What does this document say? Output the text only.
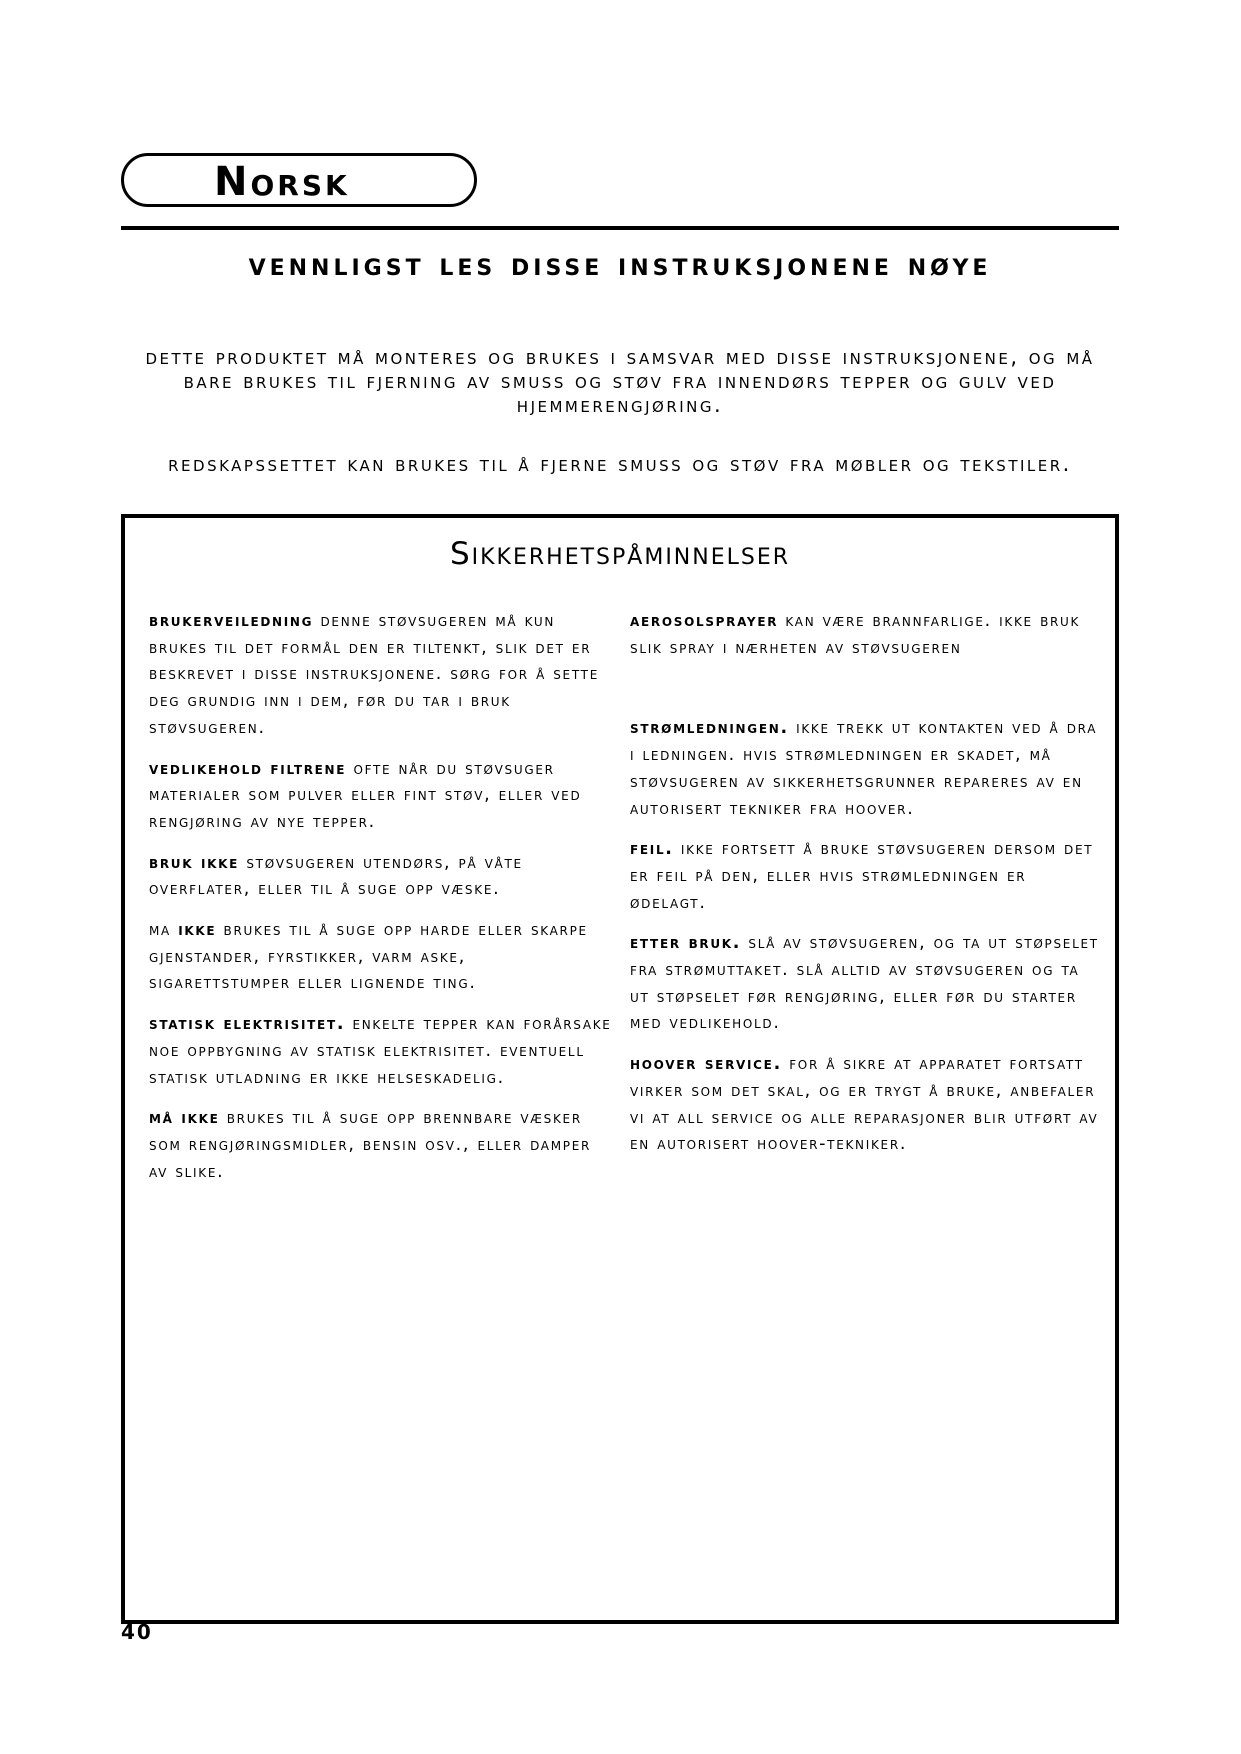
Norsk
vennligst les disse instruksjonene nøye
dette produktet må monteres og brukes i samsvar med disse instruksjonene, og må bare brukes til fjerning av smuss og støv fra innendørs tepper og gulv ved hjemmerengjøring.
redskapssettet kan brukes til å fjerne smuss og støv fra møbler og tekstiler.
Sikkerhetspåminnelser

brukerveiledning denne støvsugeren må kun brukes til det formål den er tiltenkt, slik det er beskrevet i disse instruksjonene. sørg for å sette deg grundig inn i dem, før du tar i bruk støvsugeren.

vedlikehold filtrene ofte når du støvsuger materialer som pulver eller fint støv, eller ved rengjøring av nye tepper.

bruk ikke støvsugeren utendørs, på våte overflater, eller til å suge opp væske.

ma ikke brukes til å suge opp harde eller skarpe gjenstander, fyrstikker, varm aske, sigarettstumper eller lignende ting.

statisk elektrisitet. enkelte tepper kan forårsake noe oppbygning av statisk elektrisitet. eventuell statisk utladning er ikke helseskadelig.

må ikke brukes til å suge opp brennbare væsker som rengjøringsmidler, bensin osv., eller damper av slike.

aerosolsprayer kan være brannfarlige. ikke bruk slik spray i nærheten av støvsugeren

strømledningen. ikke trekk ut kontakten ved å dra i ledningen. hvis strømledningen er skadet, må støvsugeren av sikkerhetsgrunner repareres av en autorisert tekniker fra hoover.

feil. ikke fortsett å bruke støvsugeren dersom det er feil på den, eller hvis strømledningen er ødelagt.

etter bruk. slå av støvsugeren, og ta ut støpselet fra strømuttaket. slå alltid av støvsugeren og ta ut støpselet før rengjøring, eller før du starter med vedlikehold.

hoover service. for å sikre at apparatet fortsatt virker som det skal, og er trygt å bruke, anbefaler vi at all service og alle reparasjoner blir utført av en autorisert hoover-tekniker.

40
